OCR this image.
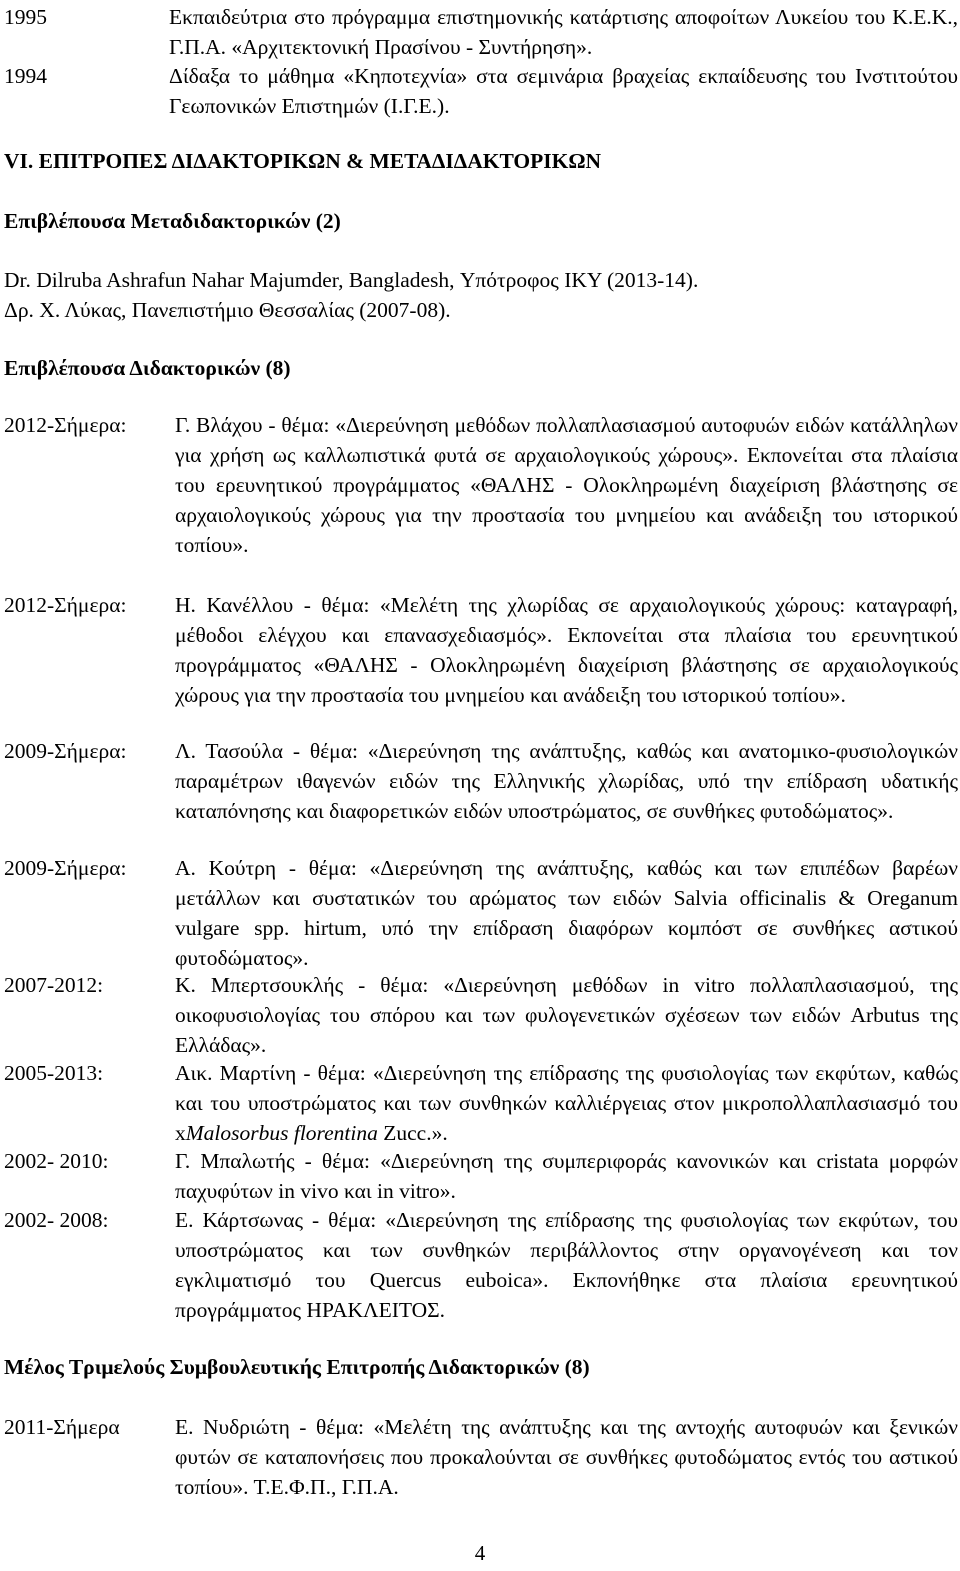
1995	Εκπαιδεύτρια στο πρόγραμμα επιστημονικής κατάρτισης αποφοίτων Λυκείου του Κ.Ε.Κ., Γ.Π.Α. «Αρχιτεκτονική Πρασίνου - Συντήρηση».
1994	Δίδαξα το μάθημα «Κηποτεχνία» στα σεμινάρια βραχείας εκπαίδευσης του Ινστιτούτου Γεωπονικών Επιστημών (Ι.Γ.Ε.).
VI. ΕΠΙΤΡΟΠΕΣ ΔΙΔΑΚΤΟΡΙΚΩΝ & ΜΕΤΑΔΙΔΑΚΤΟΡΙΚΩΝ
Επιβλέπουσα Μεταδιδακτορικών (2)
Dr. Dilruba Ashrafun Nahar Majumder, Bangladesh, Υπότροφος ΙΚΥ (2013-14).
Δρ. Χ. Λύκας, Πανεπιστήμιο Θεσσαλίας (2007-08).
Επιβλέπουσα Διδακτορικών (8)
2012-Σήμερα: Γ. Βλάχου - θέμα: «Διερεύνηση μεθόδων πολλαπλασιασμού αυτοφυών ειδών κατάλληλων για χρήση ως καλλωπιστικά φυτά σε αρχαιολογικούς χώρους». Εκπονείται στα πλαίσια του ερευνητικού προγράμματος «ΘΑΛΗΣ - Ολοκληρωμένη διαχείριση βλάστησης σε αρχαιολογικούς χώρους για την προστασία του μνημείου και ανάδειξη του ιστορικού τοπίου».
2012-Σήμερα: Η. Κανέλλου - θέμα: «Μελέτη της χλωρίδας σε αρχαιολογικούς χώρους: καταγραφή, μέθοδοι ελέγχου και επανασχεδιασμός». Εκπονείται στα πλαίσια του ερευνητικού προγράμματος «ΘΑΛΗΣ - Ολοκληρωμένη διαχείριση βλάστησης σε αρχαιολογικούς χώρους για την προστασία του μνημείου και ανάδειξη του ιστορικού τοπίου».
2009-Σήμερα: Λ. Τασούλα - θέμα: «Διερεύνηση της ανάπτυξης, καθώς και ανατομικο-φυσιολογικών παραμέτρων ιθαγενών ειδών της Ελληνικής χλωρίδας, υπό την επίδραση υδατικής καταπόνησης και διαφορετικών ειδών υποστρώματος, σε συνθήκες φυτοδώματος».
2009-Σήμερα: Α. Κούτρη - θέμα: «Διερεύνηση της ανάπτυξης, καθώς και των επιπέδων βαρέων μετάλλων και συστατικών του αρώματος των ειδών Salvia officinalis & Oreganum vulgare spp. hirtum, υπό την επίδραση διαφόρων κομπόστ σε συνθήκες αστικού φυτοδώματος».
2007-2012:	Κ. Μπερτσουκλής - θέμα: «Διερεύνηση μεθόδων in vitro πολλαπλασιασμού, της οικοφυσιολογίας του σπόρου και των φυλογενετικών σχέσεων των ειδών Arbutus της Ελλάδας».
2005-2013:	Αικ. Μαρτίνη - θέμα: «Διερεύνηση της επίδρασης της φυσιολογίας των εκφύτων, καθώς και του υποστρώματος και των συνθηκών καλλιέργειας στον μικροπολλαπλασιασμό του xMalosorbus florentina Zucc.».
2002- 2010:	Γ. Μπαλωτής - θέμα: «Διερεύνηση της συμπεριφοράς κανονικών και cristata μορφών παχυφύτων in vivo και in vitro».
2002- 2008:	Ε. Κάρτσωνας - θέμα: «Διερεύνηση της επίδρασης της φυσιολογίας των εκφύτων, του υποστρώματος και των συνθηκών περιβάλλοντος στην οργανογένεση και τον εγκλιματισμό του Quercus euboica». Εκπονήθηκε στα πλαίσια ερευνητικού προγράμματος ΗΡΑΚΛΕΙΤΟΣ.
Μέλος Τριμελούς Συμβουλευτικής Επιτροπής Διδακτορικών (8)
2011-Σήμερα	Ε. Νυδριώτη - θέμα: «Μελέτη της ανάπτυξης και της αντοχής αυτοφυών και ξενικών φυτών σε καταπονήσεις που προκαλούνται σε συνθήκες φυτοδώματος εντός του αστικού τοπίου». Τ.Ε.Φ.Π., Γ.Π.Α.
4
